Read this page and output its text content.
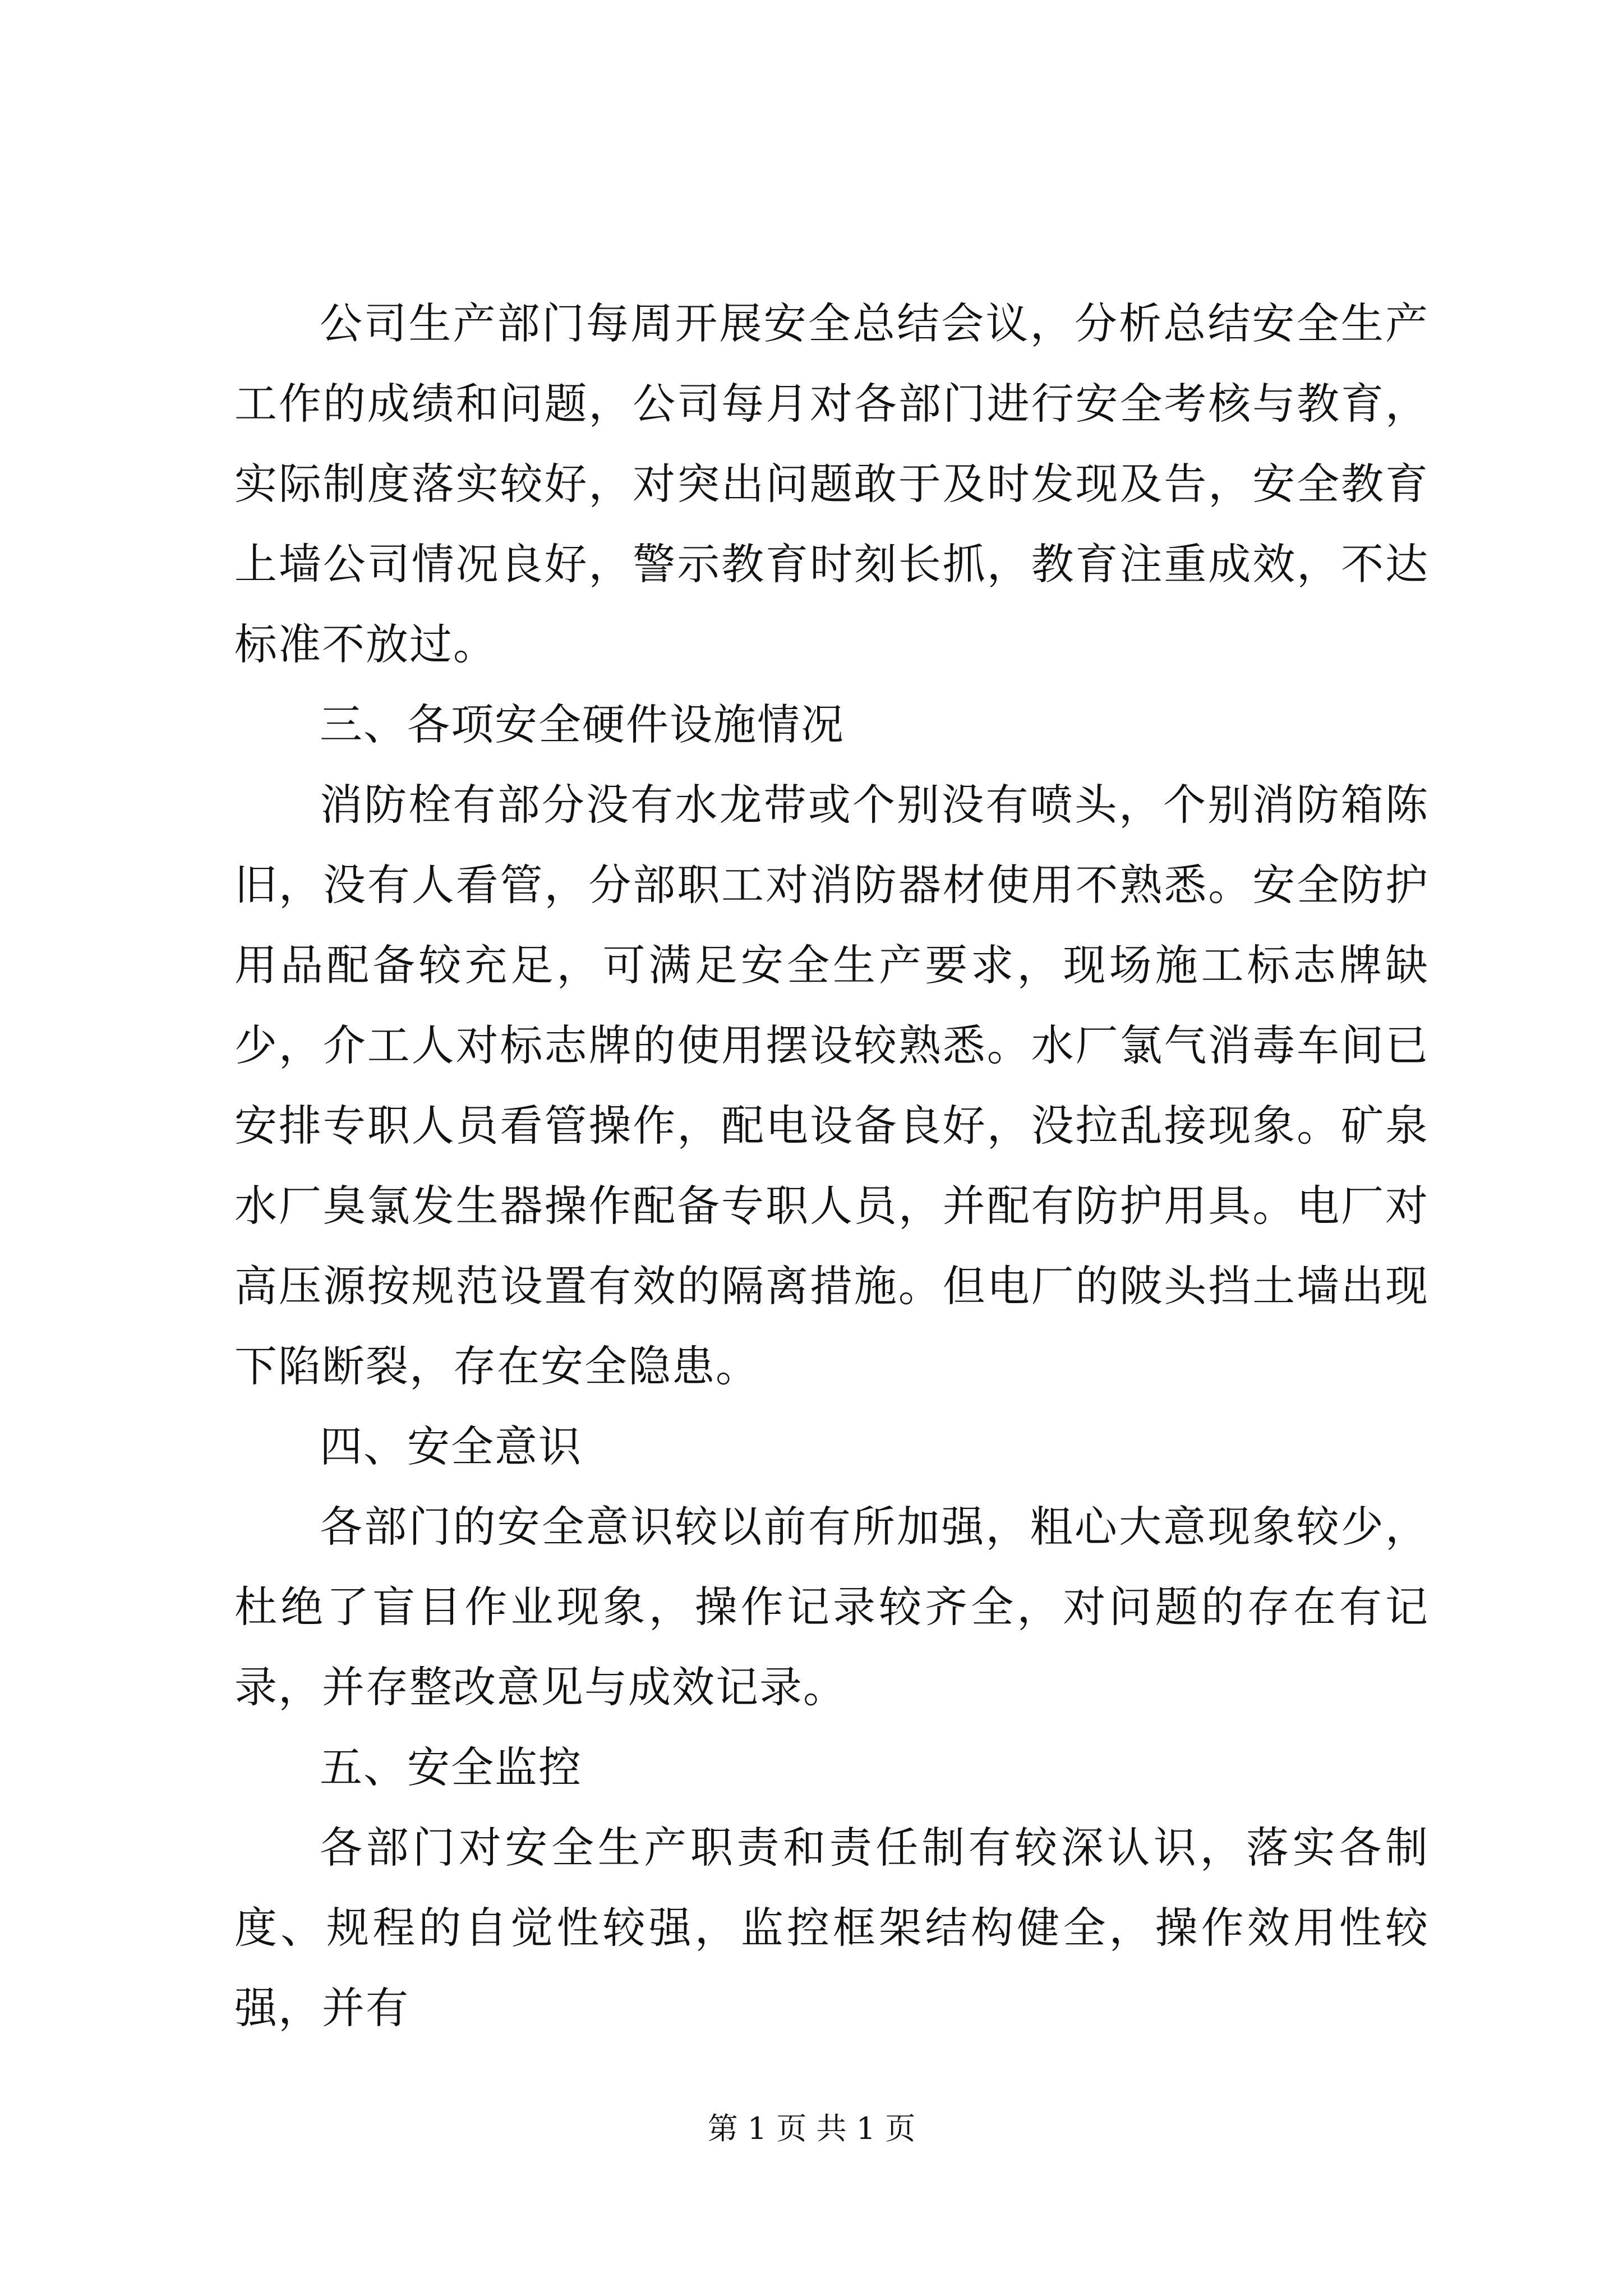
公司生产部门每周开展安全总结会议，分析总结安全生产工作的成绩和问题，公司每月对各部门进行安全考核与教育，实际制度落实较好，对突出问题敢于及时发现及告，安全教育上墙公司情况良好，警示教育时刻长抓，教育注重成效，不达标准不放过。

三、各项安全硬件设施情况

消防栓有部分没有水龙带或个别没有喷头，个别消防箱陈旧，没有人看管，分部职工对消防器材使用不熟悉。安全防护用品配备较充足，可满足安全生产要求，现场施工标志牌缺少，介工人对标志牌的使用摆设较熟悉。水厂氯气消毒车间已安排专职人员看管操作，配电设备良好，没拉乱接现象。矿泉水厂臭氯发生器操作配备专职人员，并配有防护用具。电厂对高压源按规范设置有效的隔离措施。但电厂的陂头挡土墙出现下陷断裂，存在安全隐患。

四、安全意识

各部门的安全意识较以前有所加强，粗心大意现象较少，杜绝了盲目作业现象，操作记录较齐全，对问题的存在有记录，并存整改意见与成效记录。

五、安全监控

各部门对安全生产职责和责任制有较深认识，落实各制度、规程的自觉性较强，监控框架结构健全，操作效用性较强，并有

第 1 页 共 1 页
